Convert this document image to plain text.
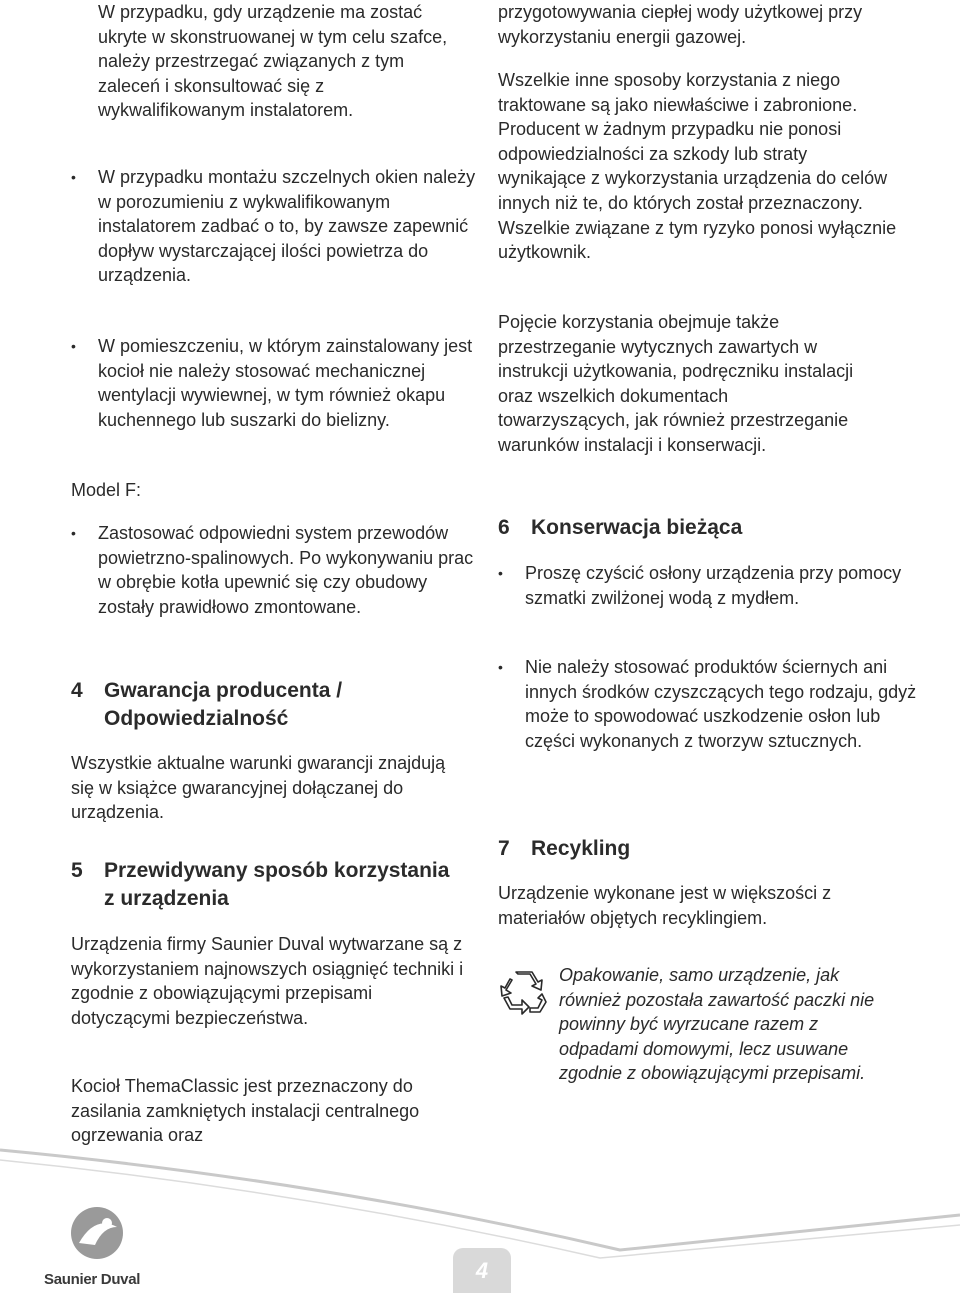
W przypadku, gdy urządzenie ma zostać ukryte w skonstruowanej w tym celu szafce, należy przestrzegać związanych z tym zaleceń i skonsultować się z wykwalifikowanym instalatorem.

• W przypadku montażu szczelnych okien należy w porozumieniu z wykwalifikowanym instalatorem zadbać o to, by zawsze zapewnić dopływ wystarczającej ilości powietrza do urządzenia.
• W pomieszczeniu, w którym zainstalowany jest kocioł nie należy stosować mechanicznej wentylacji wywiewnej, w tym również okapu kuchennego lub suszarki do bielizny.

Model F:

• Zastosować odpowiedni system przewodów powietrzno-spalinowych. Po wykonywaniu prac w obrębie kotła upewnić się czy obudowy zostały prawidłowo zmontowane.
4 Gwarancja producenta / Odpowiedzialność

Wszystkie aktualne warunki gwarancji znajdują się w książce gwarancyjnej dołączanej do urządzenia.

5 Przewidywany sposób korzystania z urządzenia

Urządzenia firmy Saunier Duval wytwarzane są z wykorzystaniem najnowszych osiągnięć techniki i zgodnie z obowiązującymi przepisami dotyczącymi bezpieczeństwa.

Kocioł ThemaClassic jest przeznaczony do zasilania zamkniętych instalacji centralnego ogrzewania oraz

przygotowywania ciepłej wody użytkowej przy wykorzystaniu energii gazowej.

Wszelkie inne sposoby korzystania z niego traktowane są jako niewłaściwe i zabronione. Producent w żadnym przypadku nie ponosi odpowiedzialności za szkody lub straty wynikające z wykorzystania urządzenia do celów innych niż te, do których został przeznaczony. Wszelkie związane z tym ryzyko ponosi wyłącznie użytkownik.

Pojęcie korzystania obejmuje także przestrzeganie wytycznych zawartych w instrukcji użytkowania, podręczniku instalacji oraz wszelkich dokumentach towarzyszących, jak również przestrzeganie warunków instalacji i konserwacji.

6 Konserwacja bieżąca
• Proszę czyścić osłony urządzenia przy pomocy szmatki zwilżonej wodą z mydłem.
• Nie należy stosować produktów ściernych ani innych środków czyszczących tego rodzaju, gdyż może to spowodować uszkodzenie osłon lub części wykonanych z tworzyw sztucznych.
7 Recykling

Urządzenie wykonane jest w większości z materiałów objętych recyklingiem.

Opakowanie, samo urządzenie, jak również pozostała zawartość paczki nie powinny być wyrzucane razem z odpadami domowymi, lecz usuwane zgodnie z obowiązującymi przepisami.

Saunier Duval	4
